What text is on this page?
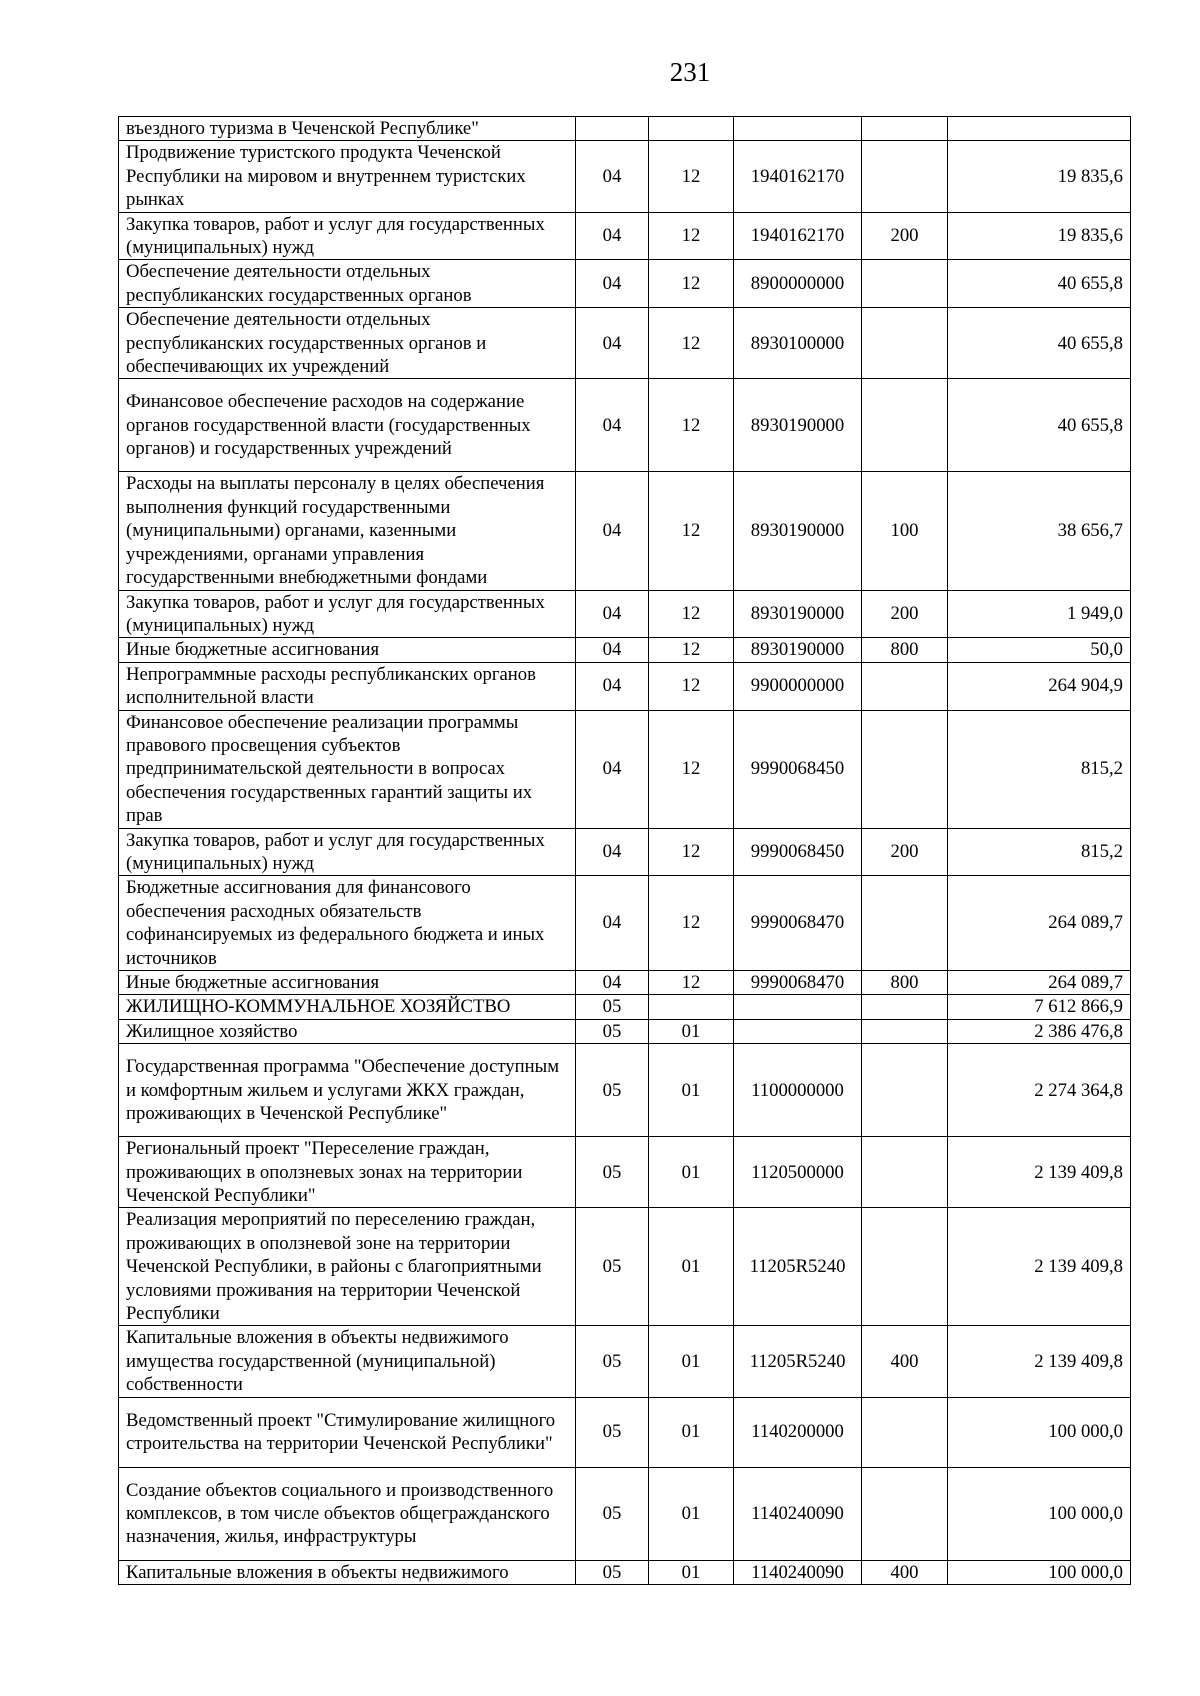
231
въездного туризма в Чеченской Республике"					
Продвижение туристского продукта Чеченской Республики на мировом и внутреннем туристских рынках	04	12	1940162170		19 835,6
Закупка товаров, работ и услуг для государственных (муниципальных) нужд	04	12	1940162170	200	19 835,6
Обеспечение деятельности отдельных республиканских государственных органов	04	12	8900000000		40 655,8
Обеспечение деятельности отдельных республиканских государственных органов и обеспечивающих их учреждений	04	12	8930100000		40 655,8
Финансовое обеспечение расходов на содержание органов государственной власти (государственных органов) и государственных учреждений	04	12	8930190000		40 655,8
Расходы на выплаты персоналу в целях обеспечения выполнения функций государственными (муниципальными) органами, казенными учреждениями, органами управления государственными внебюджетными фондами	04	12	8930190000	100	38 656,7
Закупка товаров, работ и услуг для государственных (муниципальных) нужд	04	12	8930190000	200	1 949,0
Иные бюджетные ассигнования	04	12	8930190000	800	50,0
Непрограммные расходы республиканских органов исполнительной власти	04	12	9900000000		264 904,9
Финансовое обеспечение реализации программы правового просвещения субъектов предпринимательской деятельности в вопросах обеспечения государственных гарантий защиты их прав	04	12	9990068450		815,2
Закупка товаров, работ и услуг для государственных (муниципальных) нужд	04	12	9990068450	200	815,2
Бюджетные ассигнования для финансового обеспечения расходных обязательств софинансируемых из федерального бюджета и иных источников	04	12	9990068470		264 089,7
Иные бюджетные ассигнования	04	12	9990068470	800	264 089,7
ЖИЛИЩНО-КОММУНАЛЬНОЕ ХОЗЯЙСТВО	05				7 612 866,9
Жилищное хозяйство	05	01			2 386 476,8
Государственная программа "Обеспечение доступным и комфортным жильем и услугами ЖКХ граждан, проживающих в Чеченской Республике"	05	01	1100000000		2 274 364,8
Региональный проект "Переселение граждан, проживающих в оползневых зонах на территории Чеченской Республики"	05	01	1120500000		2 139 409,8
Реализация мероприятий по переселению граждан, проживающих в оползневой зоне на территории Чеченской Республики, в районы с благоприятными условиями проживания на территории Чеченской Республики	05	01	11205R5240		2 139 409,8
Капитальные вложения в объекты недвижимого имущества государственной (муниципальной) собственности	05	01	11205R5240	400	2 139 409,8
Ведомственный проект "Стимулирование жилищного строительства на территории Чеченской Республики"	05	01	1140200000		100 000,0
Создание объектов социального и производственного комплексов, в том числе объектов общегражданского назначения, жилья, инфраструктуры	05	01	1140240090		100 000,0
Капитальные вложения в объекты недвижимого	05	01	1140240090	400	100 000,0
